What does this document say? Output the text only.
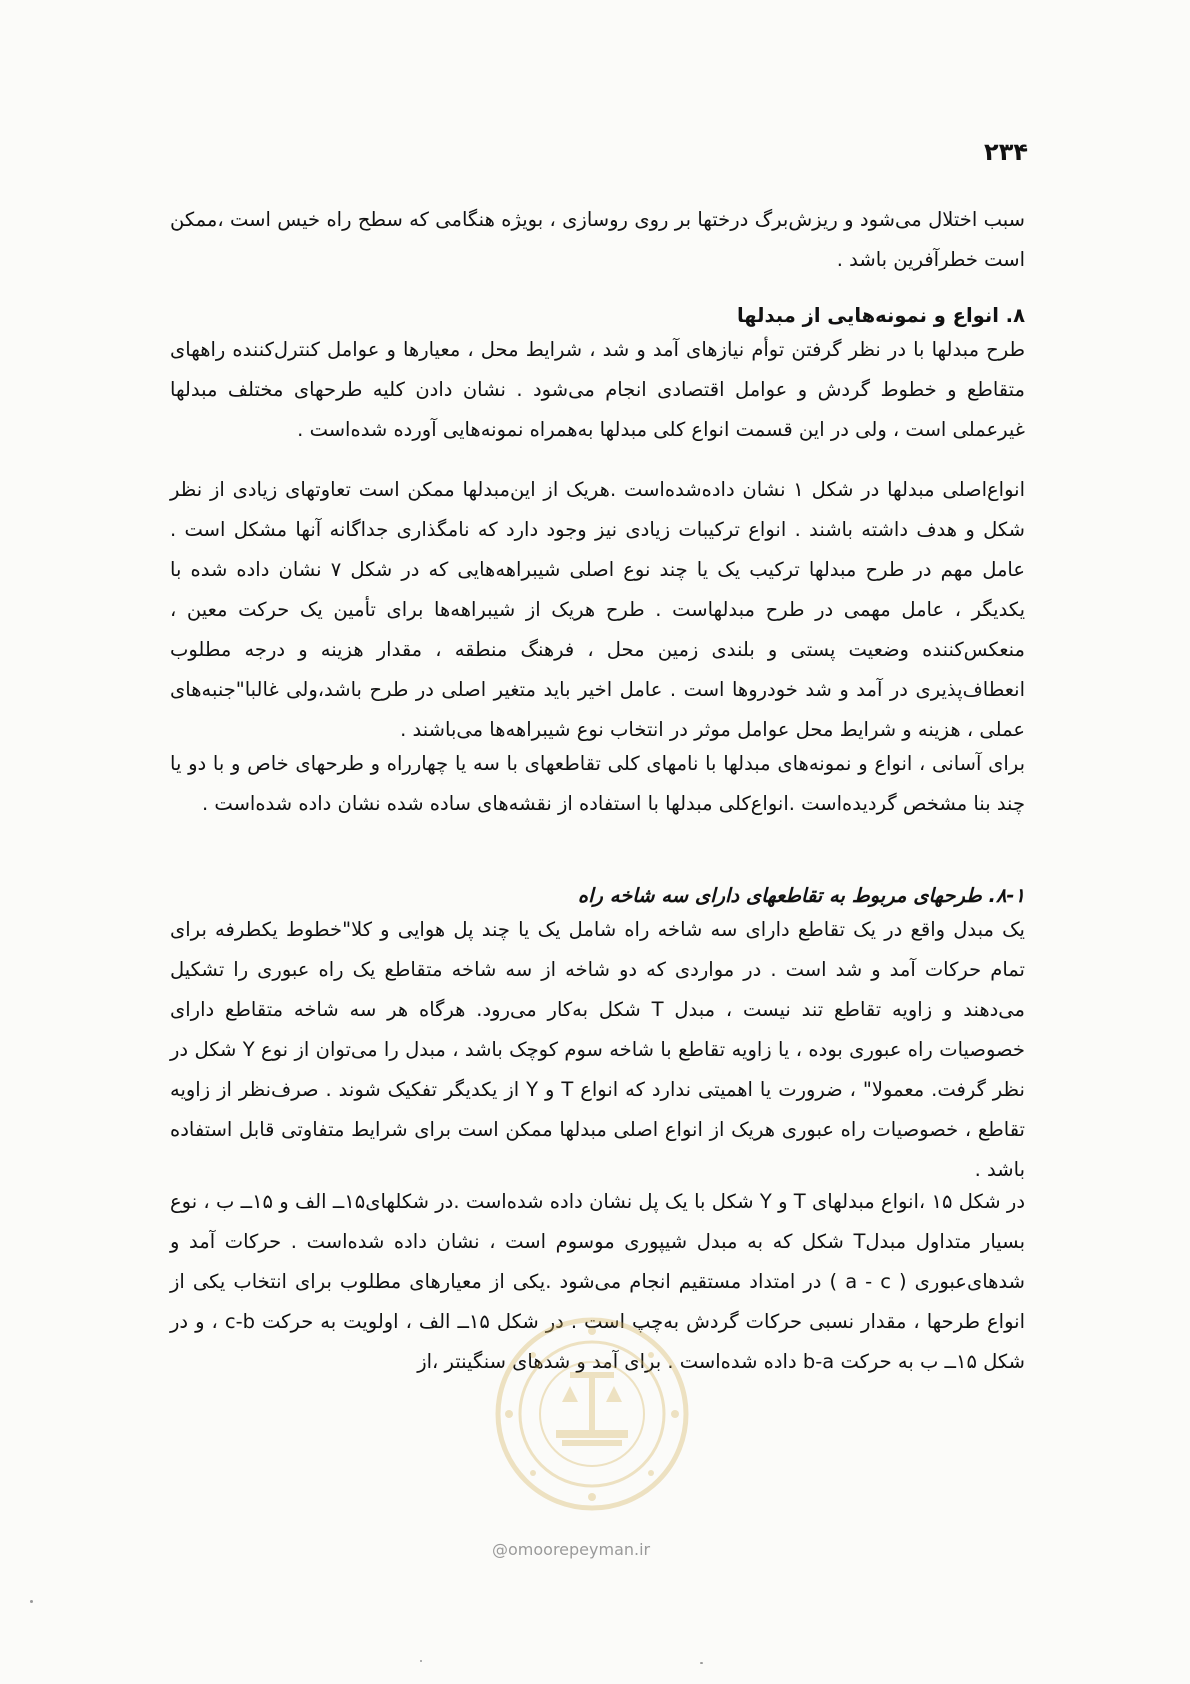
۲۳۴

سبب اختلال می‌شود و ریزش‌برگ درختها بر روی روسازی ، بویژه هنگامی که سطح راه خیس است ،ممکن است خطرآفرین باشد .

۸. انواع و نمونه‌هایی از مبدلها

طرح مبدلها با در نظر گرفتن توأم نیازهای آمد و شد ، شرایط محل ، معیارها و عوامل کنترل‌کننده راههای متقاطع و خطوط گردش و عوامل اقتصادی انجام می‌شود . نشان دادن کلیه طرحهای مختلف مبدلها غیرعملی است ، ولی در این قسمت انواع کلی مبدلها به‌همراه نمونه‌هایی آورده شده‌است .

انواع‌اصلی مبدلها در شکل ۱ نشان داده‌شده‌است .هریک از این‌مبدلها ممکن است تعاوتهای زیادی از نظر شکل و هدف داشته باشند . انواع ترکیبات زیادی نیز وجود دارد که نامگذاری جداگانه آنها مشکل است . عامل مهم در طرح مبدلها ترکیب یک یا چند نوع اصلی شیبراهه‌هایی که در شکل ۷ نشان داده شده با یکدیگر ، عامل مهمی در طرح مبدلهاست . طرح هریک از شیبراهه‌ها برای تأمین یک حرکت معین ، منعکس‌کننده وضعیت پستی و بلندی زمین محل ، فرهنگ منطقه ، مقدار هزینه و درجه مطلوب انعطاف‌پذیری در آمد و شد خودروها است . عامل اخیر باید متغیر اصلی در طرح باشد،ولی غالبا"جنبه‌های عملی ، هزینه و شرایط محل عوامل موثر در انتخاب نوع شیبراهه‌ها می‌باشند .

برای آسانی ، انواع و نمونه‌های مبدلها با نامهای کلی تقاطعهای با سه یا چهارراه و طرحهای خاص و با دو یا چند بنا مشخص گردیده‌است .انواع‌کلی مبدلها با استفاده از نقشه‌های ساده شده نشان داده شده‌است .

۸-۱. طرحهای مربوط به تقاطعهای دارای سه شاخه راه

یک مبدل واقع در یک تقاطع دارای سه شاخه راه شامل یک یا چند پل هوایی و کلا"خطوط یکطرفه برای تمام حرکات آمد و شد است . در مواردی که دو شاخه از سه شاخه متقاطع یک راه عبوری را تشکیل می‌دهند و زاویه تقاطع تند نیست ، مبدل T شکل به‌کار می‌رود. هرگاه هر سه شاخه متقاطع دارای خصوصیات راه عبوری بوده ، یا زاویه تقاطع با شاخه سوم کوچک باشد ، مبدل را می‌توان از نوع Y شکل در نظر گرفت. معمولا" ، ضرورت یا اهمیتی ندارد که انواع T و Y از یکدیگر تفکیک شوند . صرف‌نظر از زاویه تقاطع ، خصوصیات راه عبوری هریک از انواع اصلی مبدلها ممکن است برای شرایط متفاوتی قابل استفاده باشد .

در شکل ۱۵ ،انواع مبدلهای T و Y شکل با یک پل نشان داده شده‌است .در شکلهای۱۵ــ الف و ۱۵ــ ب ، نوع بسیار متداول مبدلT شکل که به مبدل شیپوری موسوم است ، نشان داده شده‌است . حرکات آمد و شدهای‌عبوری ( a - c ) در امتداد مستقیم انجام می‌شود .یکی از معیارهای مطلوب برای انتخاب یکی از انواع طرحها ، مقدار نسبی حرکات گردش به‌چپ است . در شکل ۱۵ــ الف ، اولویت به حرکت c-b ، و در شکل ۱۵ــ ب به حرکت b-a داده شده‌است . برای آمد و شدهای سنگینتر ،از

@omoorepeyman.ir
